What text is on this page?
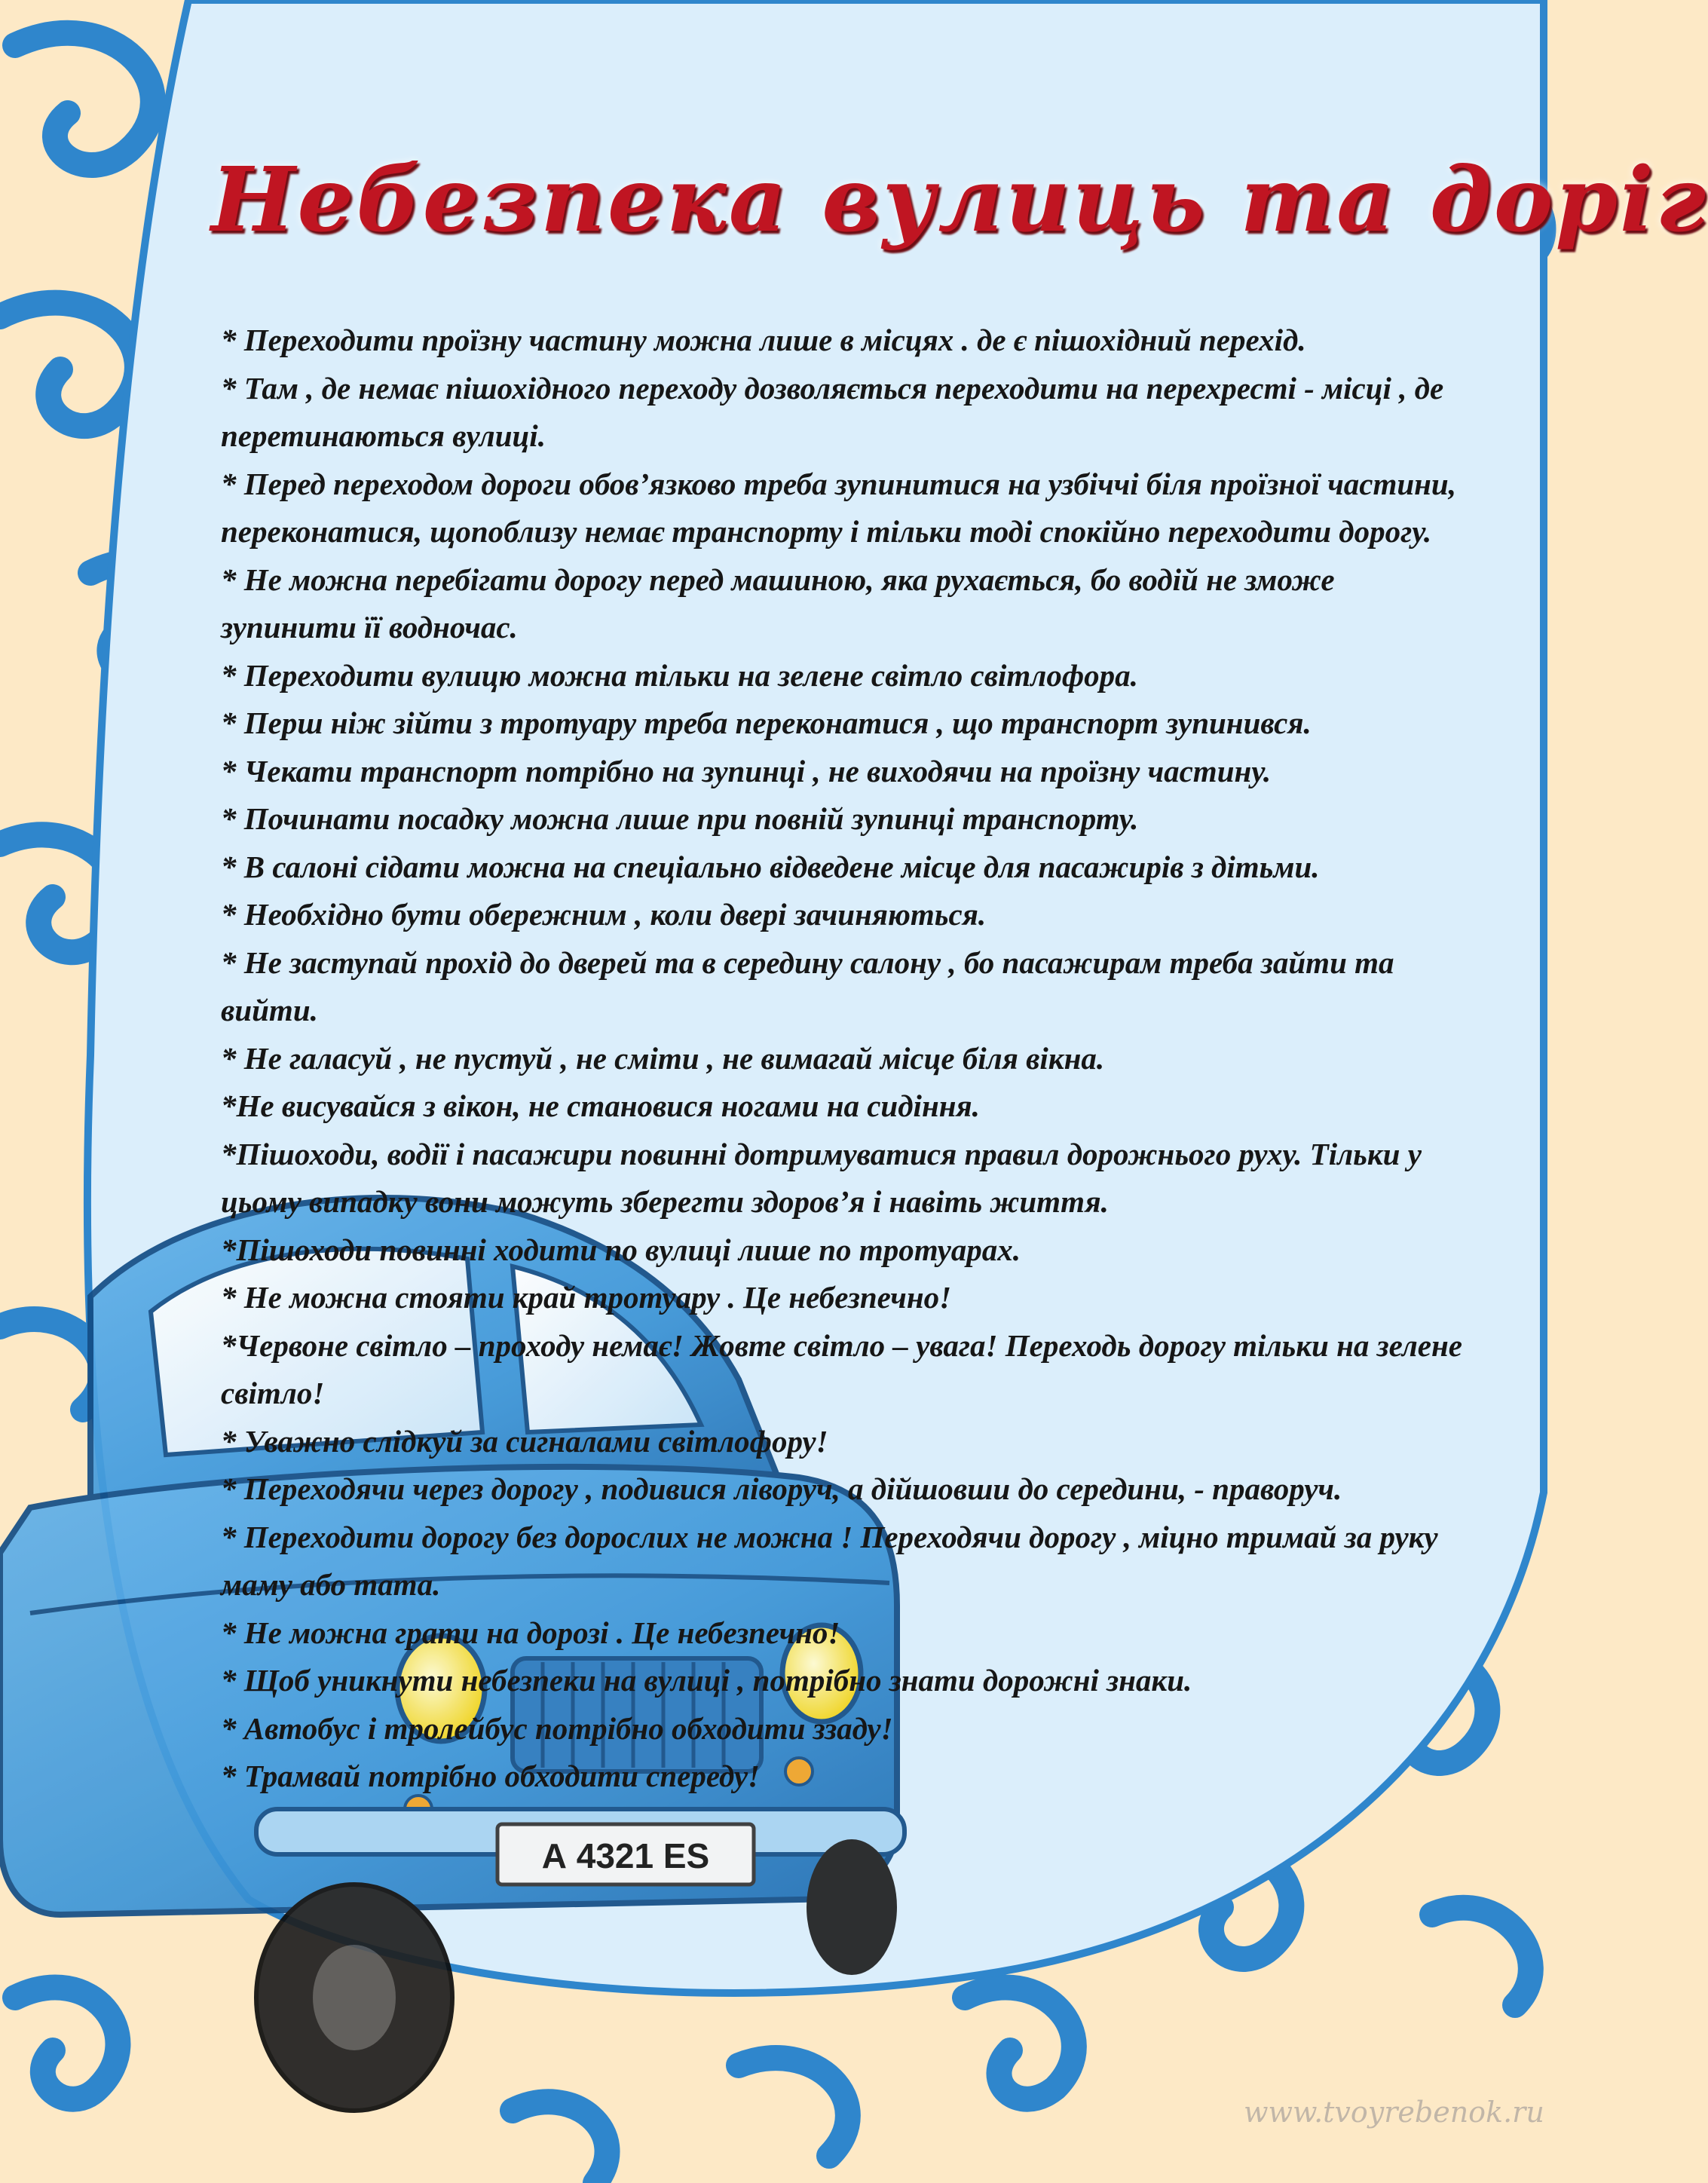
Небезпека вулиць та доріг
* Переходити проїзну частину можна лише в місцях . де є пішохідний перехід.
* Там , де немає пішохідного переходу дозволяється переходити на перехресті - місці , де перетинаються вулиці.
* Перед переходом дороги обов’язково треба зупинитися на узбіччі біля проїзної частини, переконатися, щопоблизу немає транспорту і тільки тоді спокійно переходити дорогу.
* Не можна перебігати дорогу перед машиною, яка рухається, бо водій не зможе зупинити її водночас.
* Переходити вулицю можна тільки на зелене світло світлофора.
* Перш ніж зійти з тротуару треба переконатися , що транспорт зупинився.
* Чекати транспорт потрібно на зупинці , не виходячи на проїзну частину.
* Починати посадку можна лише при повній зупинці транспорту.
* В салоні сідати можна на спеціально відведене місце для пасажирів з дітьми.
* Необхідно бути обережним , коли двері зачиняються.
* Не заступай прохід до дверей та в середину салону , бо пасажирам треба зайти та вийти.
* Не галасуй , не пустуй , не сміти , не вимагай місце біля вікна.
*Не висувайся з вікон, не становися ногами на сидіння.
*Пішоходи, водії і пасажири повинні дотримуватися правил дорожнього руху. Тільки у цьому випадку вони можуть зберегти здоров’я і навіть життя.
*Пішоходи повинні ходити по вулиці лише по тротуарах.
* Не можна стояти край тротуару . Це небезпечно!
*Червоне світло – проходу немає! Жовте світло – увага! Переходь дорогу тільки на зелене світло!
* Уважно слідкуй за сигналами світлофору!
* Переходячи через дорогу , подивися ліворуч, а дійшовши до середини, - праворуч.
* Переходити дорогу без дорослих не можна ! Переходячи дорогу , міцно тримай за руку маму або тата.
* Не можна грати на дорозі . Це небезпечно!
* Щоб уникнути небезпеки на вулиці , потрібно знати дорожні знаки.
* Автобус і тролейбус потрібно обходити ззаду!
* Трамвай потрібно обходити спереду!
А 4321 ЕS
www.tvoyrebenok.ru
